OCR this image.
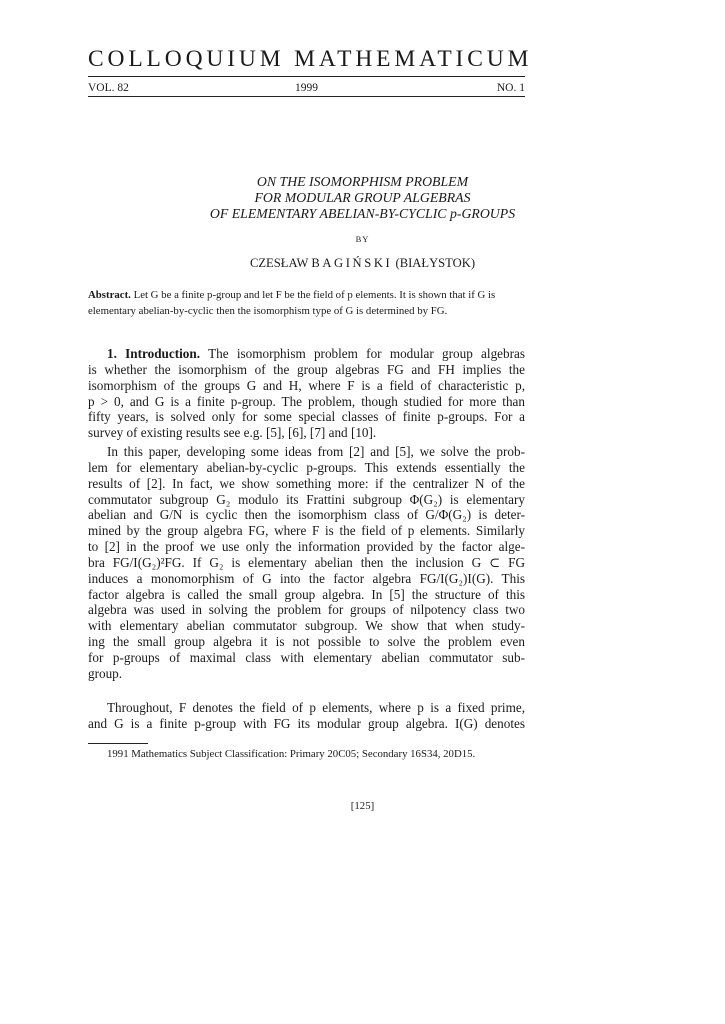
COLLOQUIUM MATHEMATICUM
VOL. 82	1999	NO. 1
ON THE ISOMORPHISM PROBLEM
FOR MODULAR GROUP ALGEBRAS
OF ELEMENTARY ABELIAN-BY-CYCLIC p-GROUPS
BY
CZESŁAW BAGIŃSKI (BIAŁYSTOK)
Abstract. Let G be a finite p-group and let F be the field of p elements. It is shown that if G is elementary abelian-by-cyclic then the isomorphism type of G is determined by FG.
1. Introduction. The isomorphism problem for modular group algebras
is whether the isomorphism of the group algebras FG and FH implies the
isomorphism of the groups G and H, where F is a field of characteristic p,
p > 0, and G is a finite p-group. The problem, though studied for more than
fifty years, is solved only for some special classes of finite p-groups. For a
survey of existing results see e.g. [5], [6], [7] and [10].
In this paper, developing some ideas from [2] and [5], we solve the prob-
lem for elementary abelian-by-cyclic p-groups. This extends essentially the
results of [2]. In fact, we show something more: if the centralizer N of the
commutator subgroup G₂ modulo its Frattini subgroup Φ(G₂) is elementary
abelian and G/N is cyclic then the isomorphism class of G/Φ(G₂) is deter-
mined by the group algebra FG, where F is the field of p elements. Similarly
to [2] in the proof we use only the information provided by the factor alge-
bra FG/I(G₂)²FG. If G₂ is elementary abelian then the inclusion G ⊂ FG
induces a monomorphism of G into the factor algebra FG/I(G₂)I(G). This
factor algebra is called the small group algebra. In [5] the structure of this
algebra was used in solving the problem for groups of nilpotency class two
with elementary abelian commutator subgroup. We show that when study-
ing the small group algebra it is not possible to solve the problem even
for p-groups of maximal class with elementary abelian commutator sub-
group.
Throughout, F denotes the field of p elements, where p is a fixed prime,
and G is a finite p-group with FG its modular group algebra. I(G) denotes
1991 Mathematics Subject Classification: Primary 20C05; Secondary 16S34, 20D15.
[125]
